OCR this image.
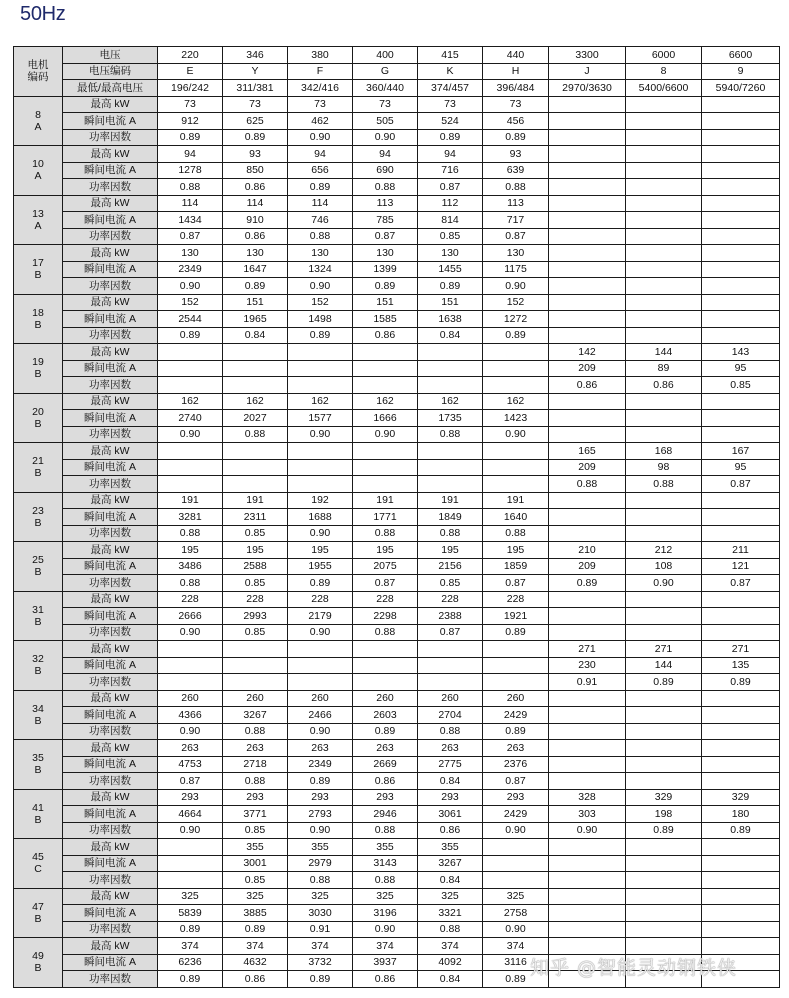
50Hz
电机
编码	电压	220	346	380	400	415	440	3300	6000	6600
	电压编码	E	Y	F	G	K	H	J	8	9
	最低/最高电压	196/242	311/381	342/416	360/440	374/457	396/484	2970/3630	5400/6600	5940/7260

8
A	最高 kW	73	73	73	73	73	73			
	瞬间电流 A	912	625	462	505	524	456			
	功率因数	0.89	0.89	0.90	0.90	0.89	0.89			

10
A	最高 kW	94	93	94	94	94	93			
	瞬间电流 A	1278	850	656	690	716	639			
	功率因数	0.88	0.86	0.89	0.88	0.87	0.88			

13
A	最高 kW	114	114	114	113	112	113			
	瞬间电流 A	1434	910	746	785	814	717			
	功率因数	0.87	0.86	0.88	0.87	0.85	0.87			

17
B	最高 kW	130	130	130	130	130	130			
	瞬间电流 A	2349	1647	1324	1399	1455	1175			
	功率因数	0.90	0.89	0.90	0.89	0.89	0.90			

18
B	最高 kW	152	151	152	151	151	152			
	瞬间电流 A	2544	1965	1498	1585	1638	1272			
	功率因数	0.89	0.84	0.89	0.86	0.84	0.89			

19
B	最高 kW							142	144	143
	瞬间电流 A							209	89	95
	功率因数							0.86	0.86	0.85

20
B	最高 kW	162	162	162	162	162	162			
	瞬间电流 A	2740	2027	1577	1666	1735	1423			
	功率因数	0.90	0.88	0.90	0.90	0.88	0.90			

21
B	最高 kW							165	168	167
	瞬间电流 A							209	98	95
	功率因数							0.88	0.88	0.87

23
B	最高 kW	191	191	192	191	191	191			
	瞬间电流 A	3281	2311	1688	1771	1849	1640			
	功率因数	0.88	0.85	0.90	0.88	0.88	0.88			

25
B	最高 kW	195	195	195	195	195	195	210	212	211
	瞬间电流 A	3486	2588	1955	2075	2156	1859	209	108	121
	功率因数	0.88	0.85	0.89	0.87	0.85	0.87	0.89	0.90	0.87

31
B	最高 kW	228	228	228	228	228	228			
	瞬间电流 A	2666	2993	2179	2298	2388	1921			
	功率因数	0.90	0.85	0.90	0.88	0.87	0.89			

32
B	最高 kW							271	271	271
	瞬间电流 A							230	144	135
	功率因数							0.91	0.89	0.89

34
B	最高 kW	260	260	260	260	260	260			
	瞬间电流 A	4366	3267	2466	2603	2704	2429			
	功率因数	0.90	0.88	0.90	0.89	0.88	0.89			

35
B	最高 kW	263	263	263	263	263	263			
	瞬间电流 A	4753	2718	2349	2669	2775	2376			
	功率因数	0.87	0.88	0.89	0.86	0.84	0.87			

41
B	最高 kW	293	293	293	293	293	293	328	329	329
	瞬间电流 A	4664	3771	2793	2946	3061	2429	303	198	180
	功率因数	0.90	0.85	0.90	0.88	0.86	0.90	0.90	0.89	0.89

45
C	最高 kW		355	355	355	355				
	瞬间电流 A		3001	2979	3143	3267				
	功率因数		0.85	0.88	0.88	0.84				

47
B	最高 kW	325	325	325	325	325	325			
	瞬间电流 A	5839	3885	3030	3196	3321	2758			
	功率因数	0.89	0.89	0.91	0.90	0.88	0.90			

49
B	最高 kW	374	374	374	374	374	374			
	瞬间电流 A	6236	4632	3732	3937	4092	3116			
	功率因数	0.89	0.86	0.89	0.86	0.84	0.89			知乎 @智能灵动钢铁侠
